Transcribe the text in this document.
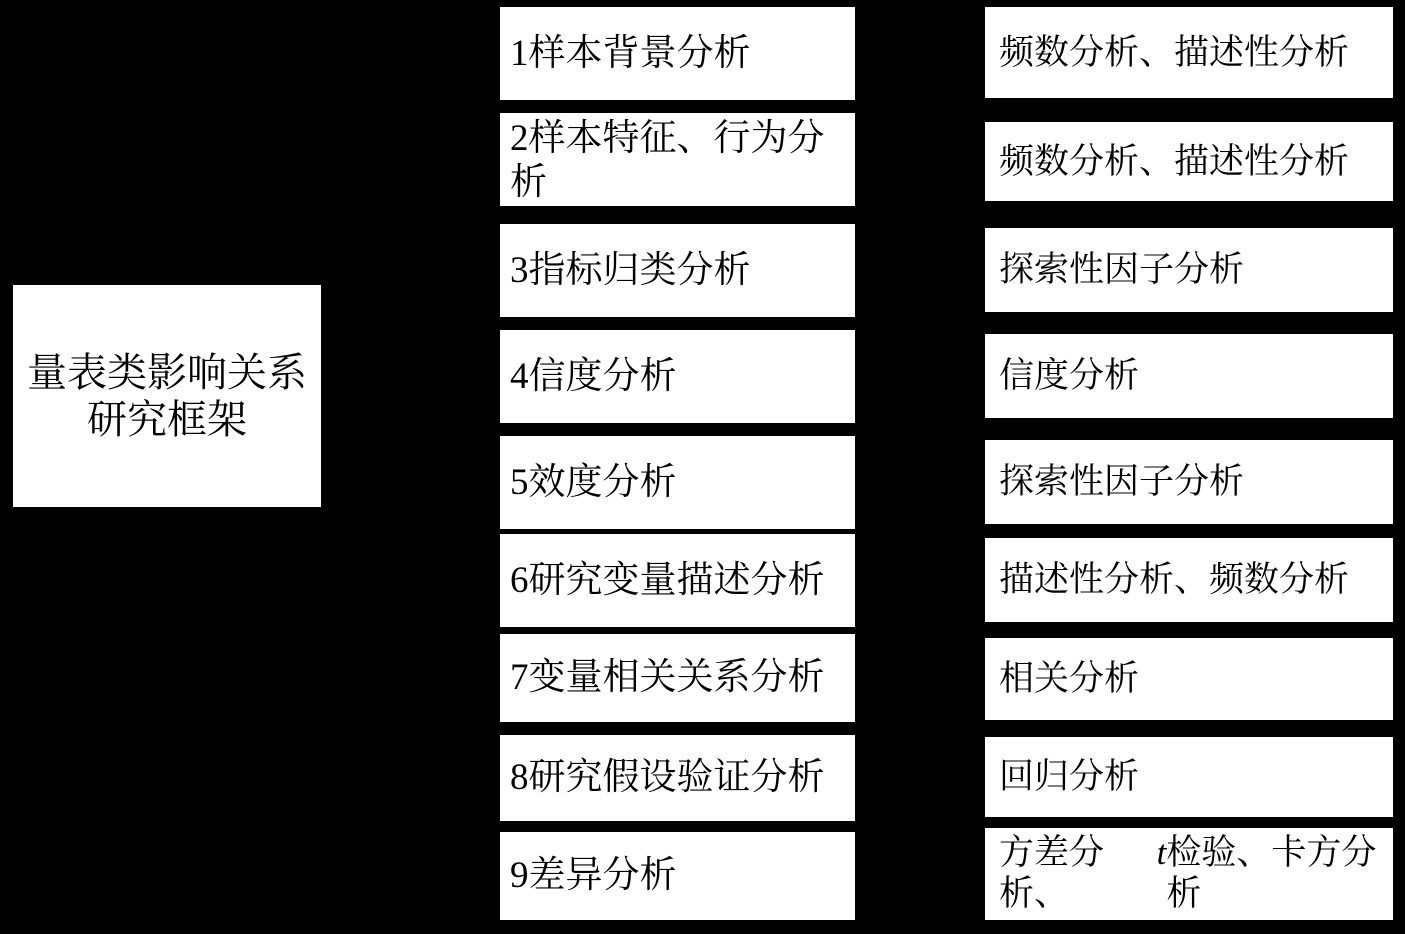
量表类影响关系研究框架
1样本背景分析
2样本特征、行为分析
3指标归类分析
4信度分析
5效度分析
6研究变量描述分析
7变量相关关系分析
8研究假设验证分析
9差异分析
频数分析、描述性分析
频数分析、描述性分析
探索性因子分析
信度分析
探索性因子分析
描述性分析、频数分析
相关分析
回归分析
方差分析、
t 检验、卡方分析
